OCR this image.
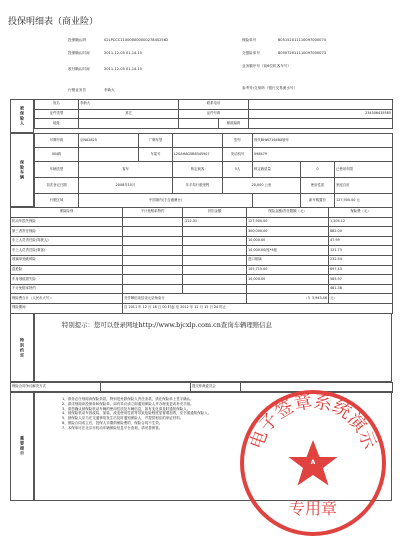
投保明细表（商业险）
投保确认码	02LPCCC110000000000278452562	保险单号	805152011110097000074
投保确认时间	2011-12-05 01.14.15	交强险单号	805072011110097000073
收付确认时间	2011-12-05 01.14.15
业务顺序号（前6位机客车号）
行销业务员	李新大	参考号/交易码（银行交易流水号）
被保险人
姓名	李新大	联系电话		
证件类型	其它	证件号码		234506435585
地址			邮政编码	
保险车辆
号牌号码	京NA2825	厂牌车型		型号	现代BHW7164BX轿车		
VIN码		车架号	L2SAHAG5B8345907	发动机号	098479		
车辆类型	客车		核定载客	5人	核定载质量	0	已使用年限
初次登记日期	2008年10月		年平均行驶里程	20,000 公里		使用性质	家庭自用
行驶区域	中国境内(不含港澳台)					新车购置价	127,900.00 元
保险险别	不计免赔率特约	折旧金额	保险金额/责任限额（元）	保险费（元）
机动车损失保险		-222.31	127,900.00	1,205.12
第三者责任保险			300,000.00	882.00
车上人员责任险(驾驶人)			10,000.00	47.99
车上人员责任险(乘客)			10,000.00/座*4座	121.73
玻璃单独破碎险			进口玻璃	232.54
盗抢险			105,715.00	697.43
车身划痕损失险			10,000.00	585.97
不计免赔率特约				481.38
保险费合计（人民币大写）：	叁仟肆佰柒拾柒元柒角柒分		（￥ 3,943.46	元）
保险期间：	自 2011 年 12 月 16 日 00 时起 至 2012 年 12 月 15 日 24 时止			
特别约定
特别提示：您可以登录网址http://www.bjcxlp.com.cn查询车辆理赔信息
保险合同争议解决方式		提交仲裁委员会	
重要提示
1、请务必仔细阅读保险条款，特别是免除保险人责任条款，请在保险单上签字确认。
2、请详细阅读投保单和保险单，如有异议请立即通知保险人并办理变更或补充手续。
3、请您确认被保险机动车辆的使用性质及车辆信息，如有变化请及时通知保险人。
4、被保险机动车因改装、加装、改变使用性质等导致危险程度显著增加的，应书面通知保险人。
5、被保险人应当在交通事故发生后及时通知保险人，并提供相应的单证材料。
6、保险合同成立后，投保人未缴纳保险费的，保险合同不生效。
7、本保单可在北京市机动车辆保险信息平台查询，请妥善保管。	电子签章系统演示
A
专用章
